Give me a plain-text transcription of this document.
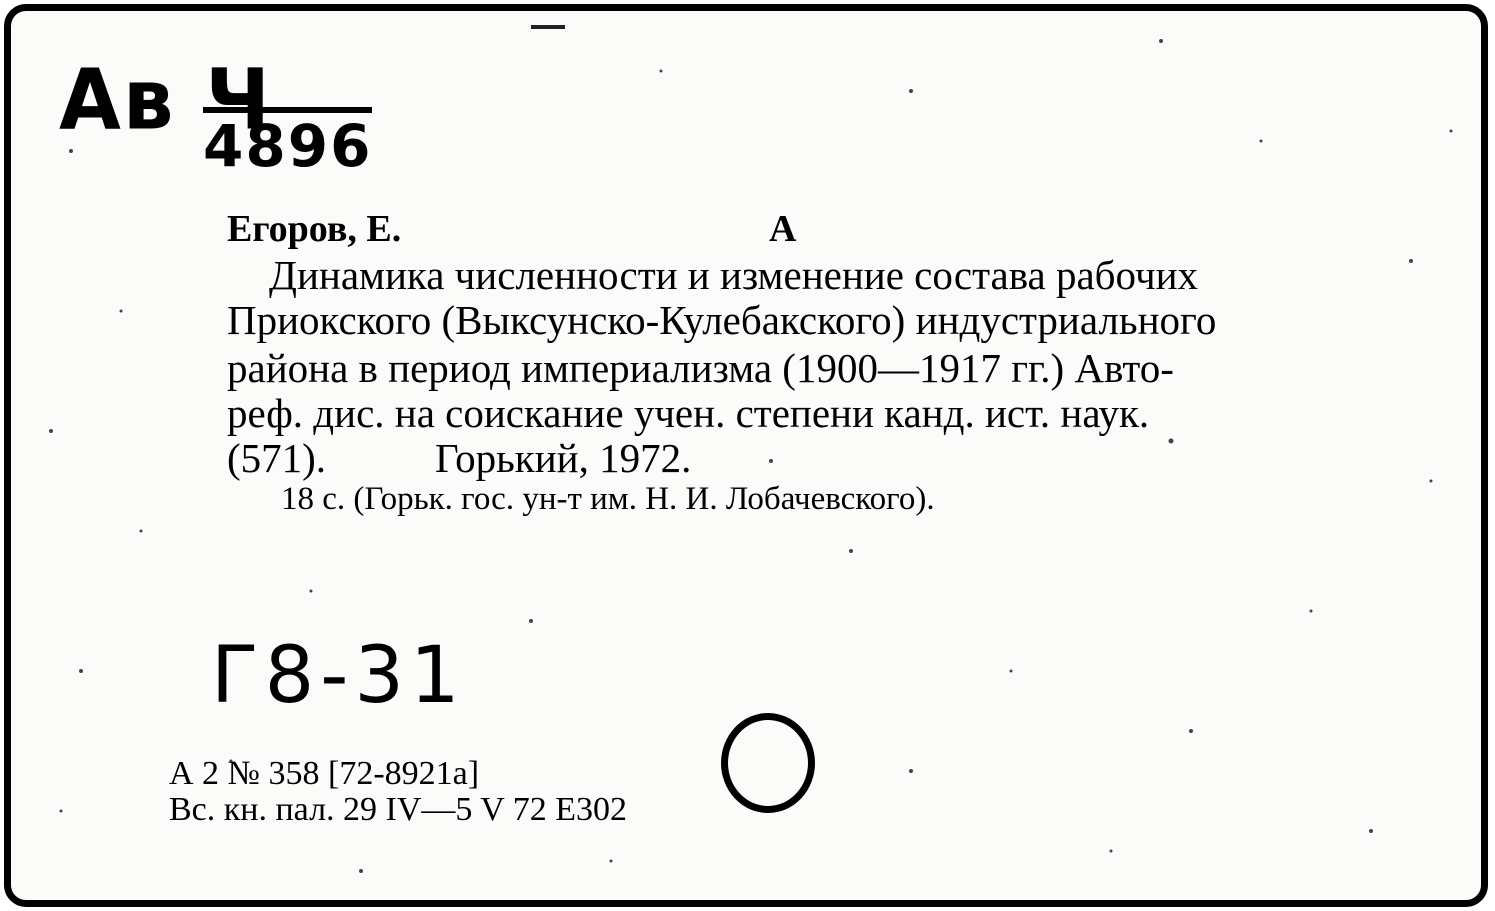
Ав Ч
4896
Егоров, Е.	А
Динамика численности и изменение состава рабочих
Приокского (Выксунско-Кулебакского) индустриального
района в период империализма (1900—1917 гг.) Авто-
реф. дис. на соискание учен. степени канд. ист. наук.
(571).	Горький, 1972.
18 с. (Горьк. гос. ун-т им. Н. И. Лобачевского).
Г8-31
А 2 № 358 [72-8921а]
Вс. кн. пал. 29 IV—5 V 72 Е302
